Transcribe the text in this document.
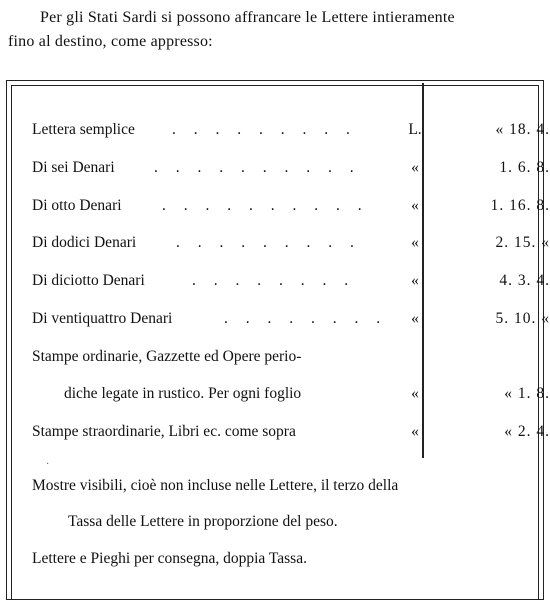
Per gli Stati Sardi si possono affrancare le Lettere intieramente
fino al destino, come appresso:
Lettera semplice . . . . . . . . .	L.	« 18. 4.
Di sei Denari	. . . . . . . . . .	«	1. 6. 8.
Di otto Denari	. . . . . . . . . .	«	1. 16. 8.
Di dodici Denari	. . . . . . . . .	«	2. 15. «
Di diciotto Denari	. . . . . . . .	«	4. 3. 4.
Di ventiquattro Denari	. . . . . . . .	«	5. 10. «
Stampe ordinarie, Gazzette ed Opere perio-
diche legate in rustico. Per ogni foglio	«	« 1. 8.
Stampe straordinarie, Libri ec. come sopra	«	« 2. 4.
·
Mostre visibili, cioè non incluse nelle Lettere, il terzo della
Tassa delle Lettere in proporzione del peso.
Lettere e Pieghi per consegna, doppia Tassa.
